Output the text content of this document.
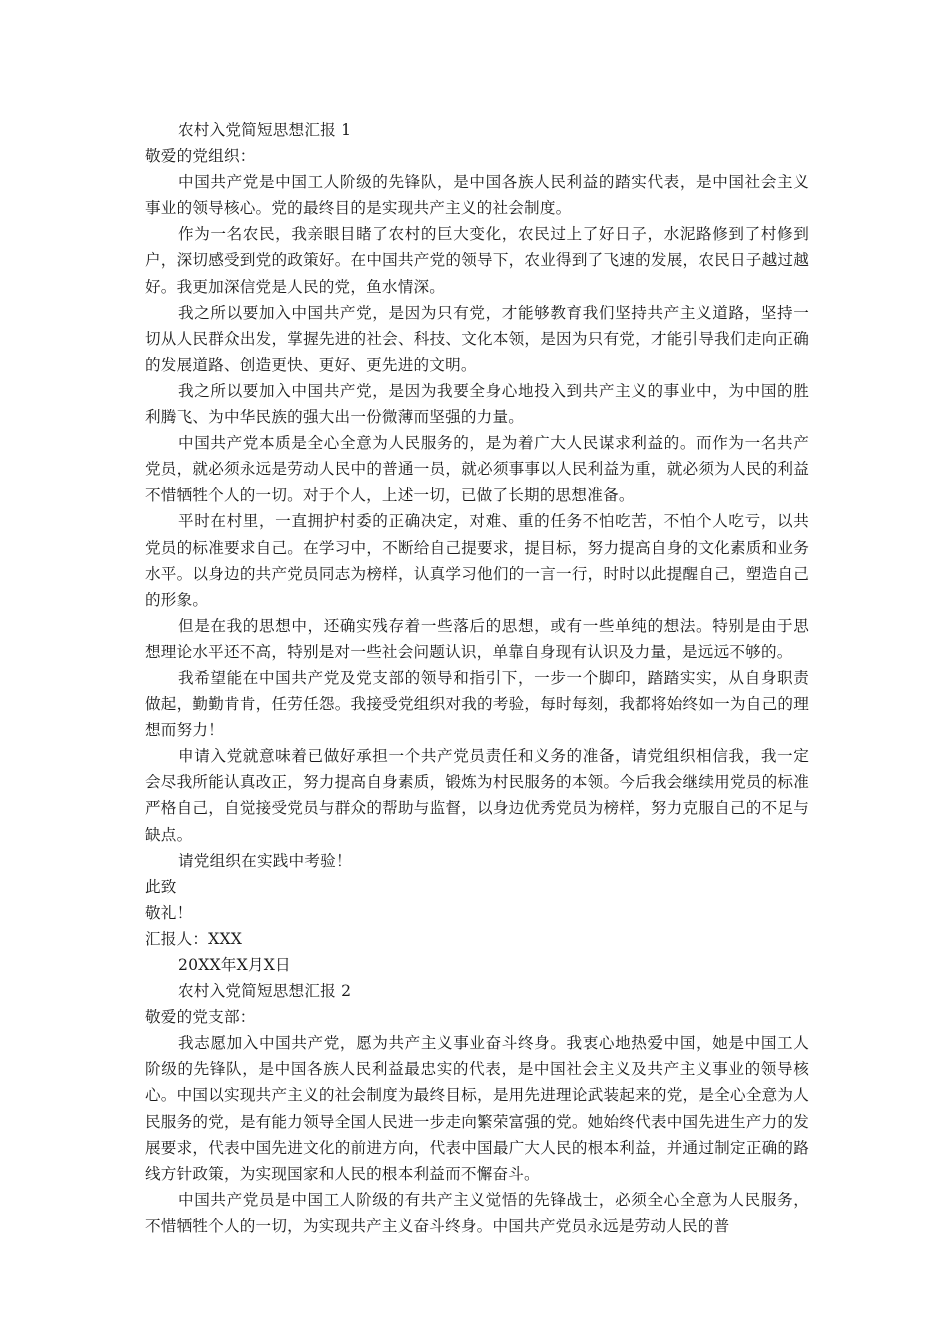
农村入党简短思想汇报 1

敬爱的党组织：

中国共产党是中国工人阶级的先锋队，是中国各族人民利益的踏实代表，是中国社会主义事业的领导核心。党的最终目的是实现共产主义的社会制度。

作为一名农民，我亲眼目睹了农村的巨大变化，农民过上了好日子，水泥路修到了村修到户，深切感受到党的政策好。在中国共产党的领导下，农业得到了飞速的发展，农民日子越过越好。我更加深信党是人民的党，鱼水情深。

我之所以要加入中国共产党，是因为只有党，才能够教育我们坚持共产主义道路，坚持一切从人民群众出发，掌握先进的社会、科技、文化本领，是因为只有党，才能引导我们走向正确的发展道路、创造更快、更好、更先进的文明。

我之所以要加入中国共产党，是因为我要全身心地投入到共产主义的事业中，为中国的胜利腾飞、为中华民族的强大出一份微薄而坚强的力量。

中国共产党本质是全心全意为人民服务的，是为着广大人民谋求利益的。而作为一名共产党员，就必须永远是劳动人民中的普通一员，就必须事事以人民利益为重，就必须为人民的利益不惜牺牲个人的一切。对于个人，上述一切，已做了长期的思想准备。

平时在村里，一直拥护村委的正确决定，对难、重的任务不怕吃苦，不怕个人吃亏，以共党员的标准要求自己。在学习中，不断给自己提要求，提目标，努力提高自身的文化素质和业务水平。以身边的共产党员同志为榜样，认真学习他们的一言一行，时时以此提醒自己，塑造自己的形象。

但是在我的思想中，还确实残存着一些落后的思想，或有一些单纯的想法。特别是由于思想理论水平还不高，特别是对一些社会问题认识，单靠自身现有认识及力量，是远远不够的。

我希望能在中国共产党及党支部的领导和指引下，一步一个脚印，踏踏实实，从自身职责做起，勤勤肯肯，任劳任怨。我接受党组织对我的考验，每时每刻，我都将始终如一为自己的理想而努力！

申请入党就意味着已做好承担一个共产党员责任和义务的准备，请党组织相信我，我一定会尽我所能认真改正，努力提高自身素质，锻炼为村民服务的本领。今后我会继续用党员的标准严格自己，自觉接受党员与群众的帮助与监督，以身边优秀党员为榜样，努力克服自己的不足与缺点。

请党组织在实践中考验！

此致

敬礼！

汇报人：XXX

20XX年X月X日

农村入党简短思想汇报 2

敬爱的党支部：

我志愿加入中国共产党，愿为共产主义事业奋斗终身。我衷心地热爱中国，她是中国工人阶级的先锋队，是中国各族人民利益最忠实的代表，是中国社会主义及共产主义事业的领导核心。中国以实现共产主义的社会制度为最终目标，是用先进理论武装起来的党，是全心全意为人民服务的党，是有能力领导全国人民进一步走向繁荣富强的党。她始终代表中国先进生产力的发展要求，代表中国先进文化的前进方向，代表中国最广大人民的根本利益，并通过制定正确的路线方针政策，为实现国家和人民的根本利益而不懈奋斗。

中国共产党员是中国工人阶级的有共产主义觉悟的先锋战士，必须全心全意为人民服务，不惜牺牲个人的一切，为实现共产主义奋斗终身。中国共产党员永远是劳动人民的普
